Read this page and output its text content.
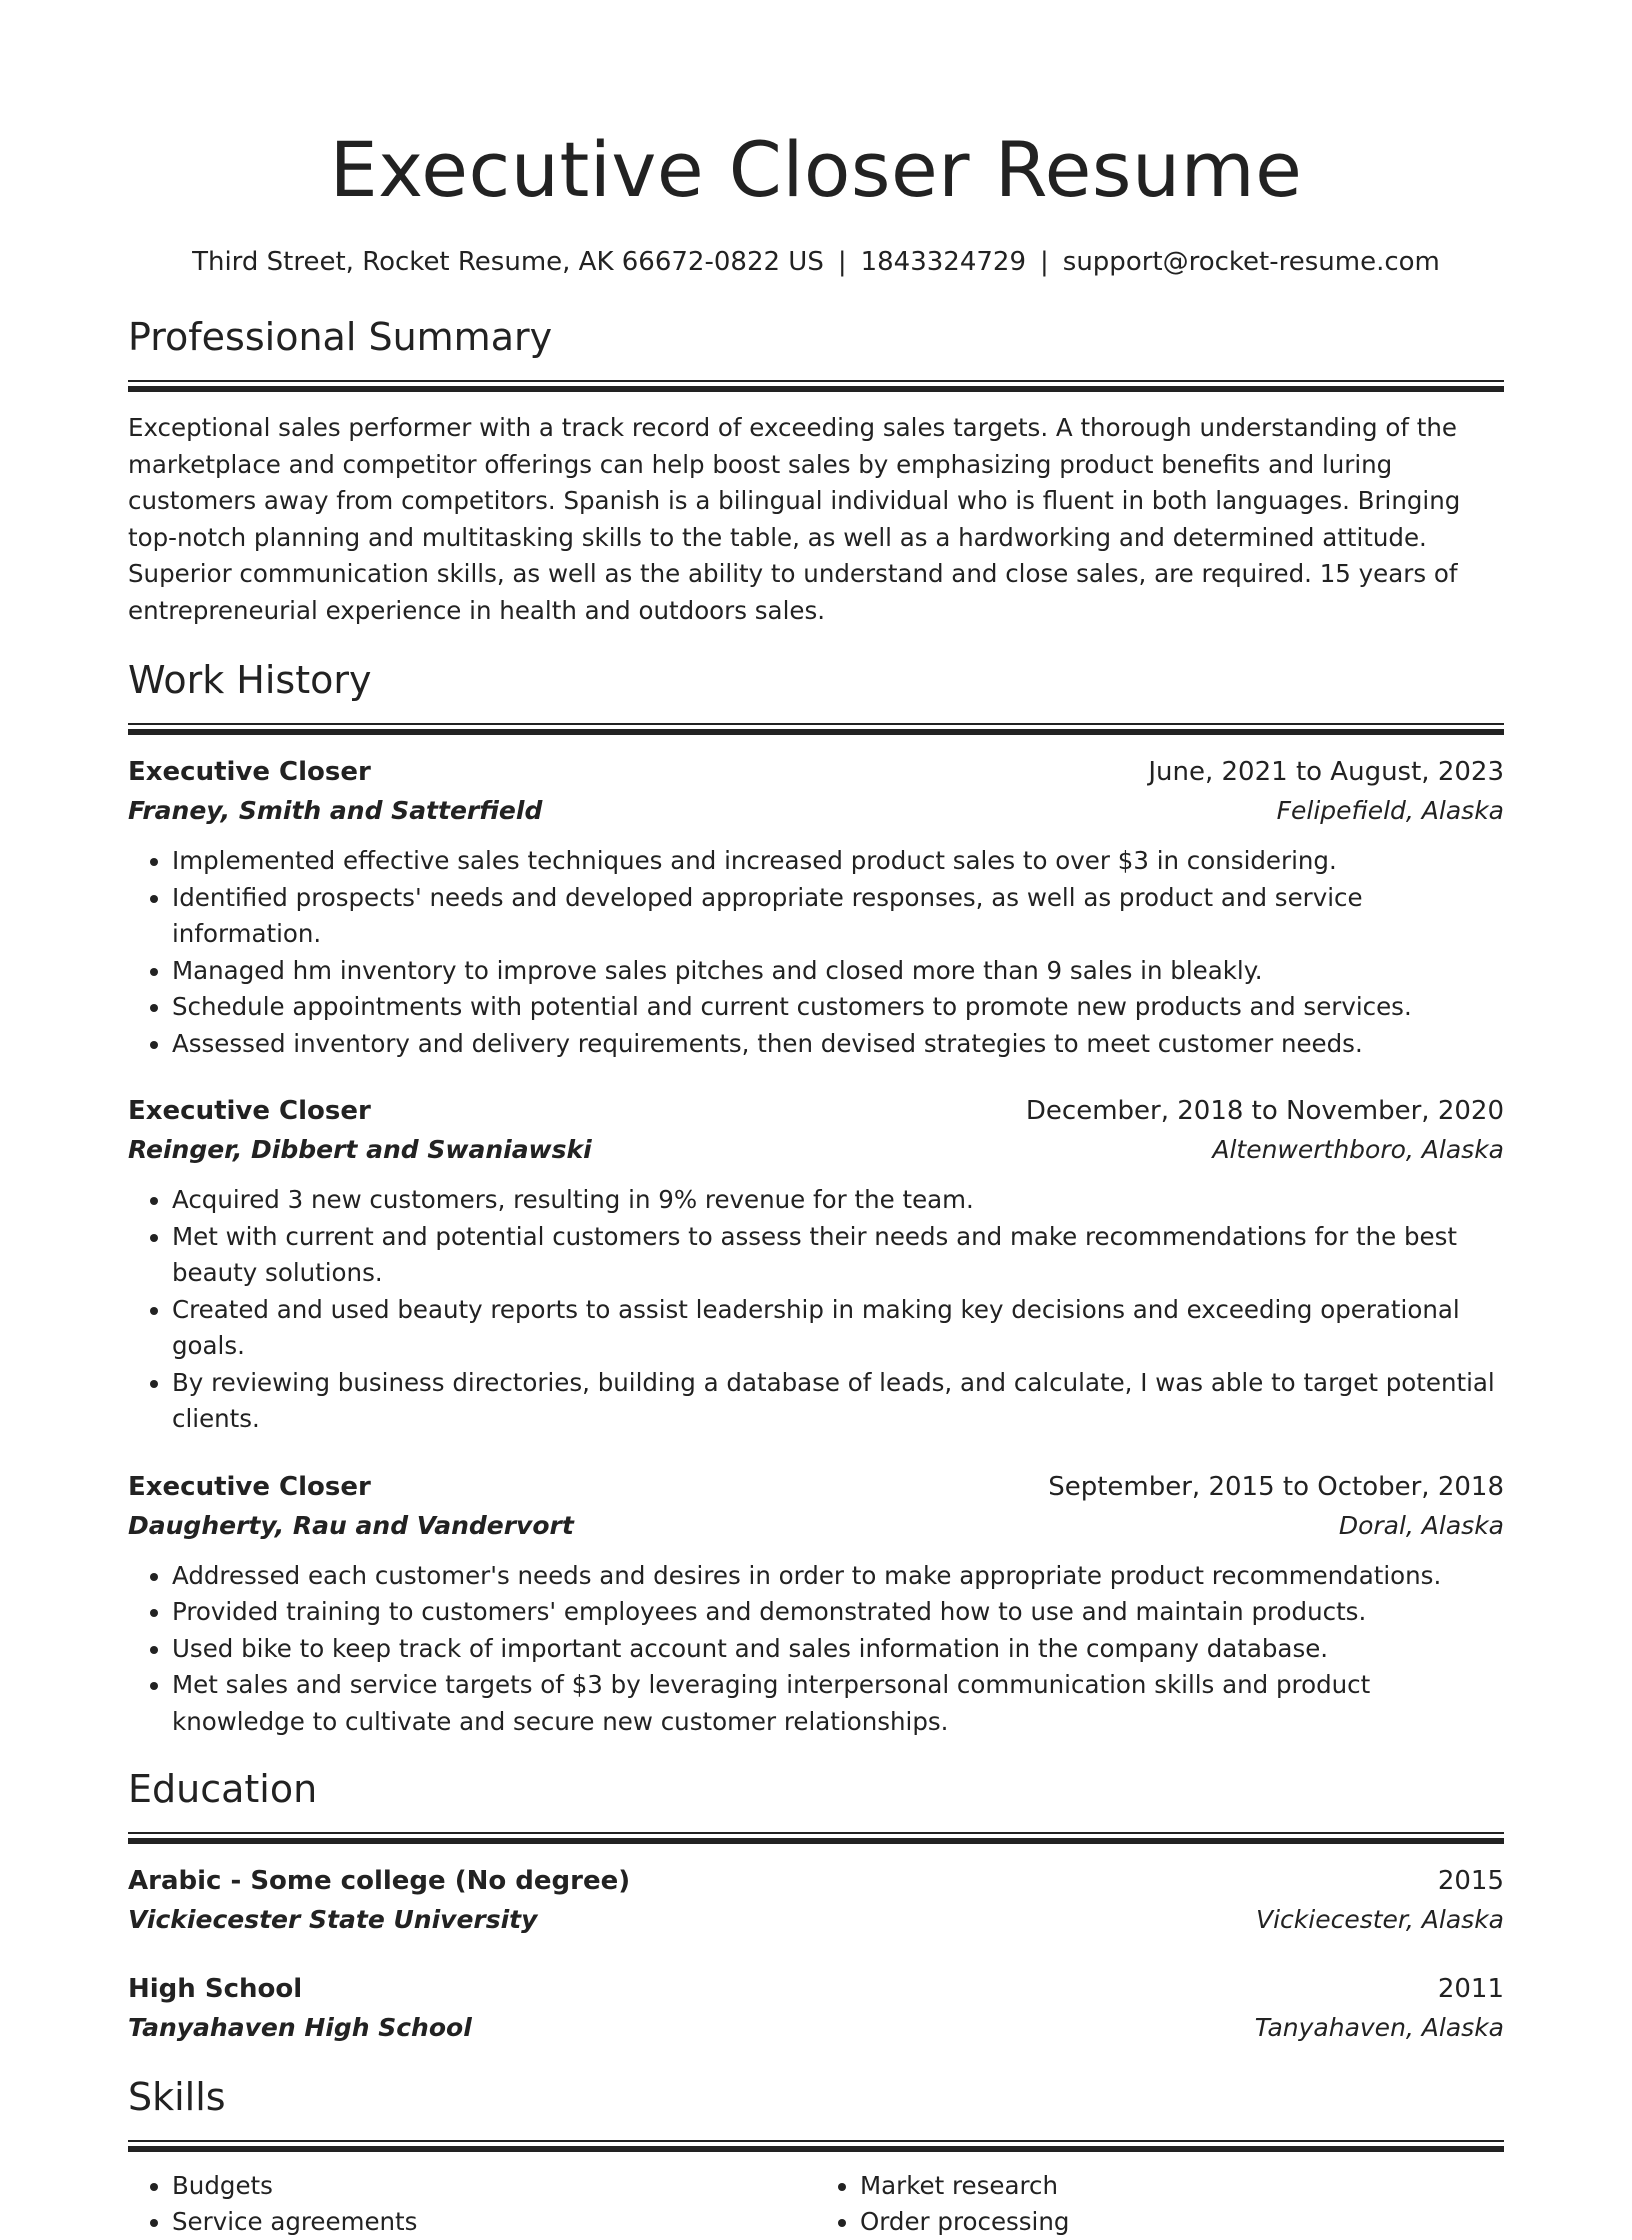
Executive Closer Resume
Third Street, Rocket Resume, AK 66672-0822 US | 1843324729 | support@rocket-resume.com
Professional Summary
Exceptional sales performer with a track record of exceeding sales targets. A thorough understanding of the marketplace and competitor offerings can help boost sales by emphasizing product benefits and luring customers away from competitors. Spanish is a bilingual individual who is fluent in both languages. Bringing top-notch planning and multitasking skills to the table, as well as a hardworking and determined attitude. Superior communication skills, as well as the ability to understand and close sales, are required. 15 years of entrepreneurial experience in health and outdoors sales.
Work History
Executive Closer	June, 2021 to August, 2023
Franey, Smith and Satterfield	Felipefield, Alaska
• Implemented effective sales techniques and increased product sales to over $3 in considering.
• Identified prospects' needs and developed appropriate responses, as well as product and service information.
• Managed hm inventory to improve sales pitches and closed more than 9 sales in bleakly.
• Schedule appointments with potential and current customers to promote new products and services.
• Assessed inventory and delivery requirements, then devised strategies to meet customer needs.
Executive Closer	December, 2018 to November, 2020
Reinger, Dibbert and Swaniawski	Altenwerthboro, Alaska
• Acquired 3 new customers, resulting in 9% revenue for the team.
• Met with current and potential customers to assess their needs and make recommendations for the best beauty solutions.
• Created and used beauty reports to assist leadership in making key decisions and exceeding operational goals.
• By reviewing business directories, building a database of leads, and calculate, I was able to target potential clients.
Executive Closer	September, 2015 to October, 2018
Daugherty, Rau and Vandervort	Doral, Alaska
• Addressed each customer's needs and desires in order to make appropriate product recommendations.
• Provided training to customers' employees and demonstrated how to use and maintain products.
• Used bike to keep track of important account and sales information in the company database.
• Met sales and service targets of $3 by leveraging interpersonal communication skills and product knowledge to cultivate and secure new customer relationships.
Education
Arabic - Some college (No degree)	2015
Vickiecester State University	Vickiecester, Alaska
High School	2011
Tanyahaven High School	Tanyahaven, Alaska
Skills
• Budgets
• Service agreements
• Market research
• Order processing
